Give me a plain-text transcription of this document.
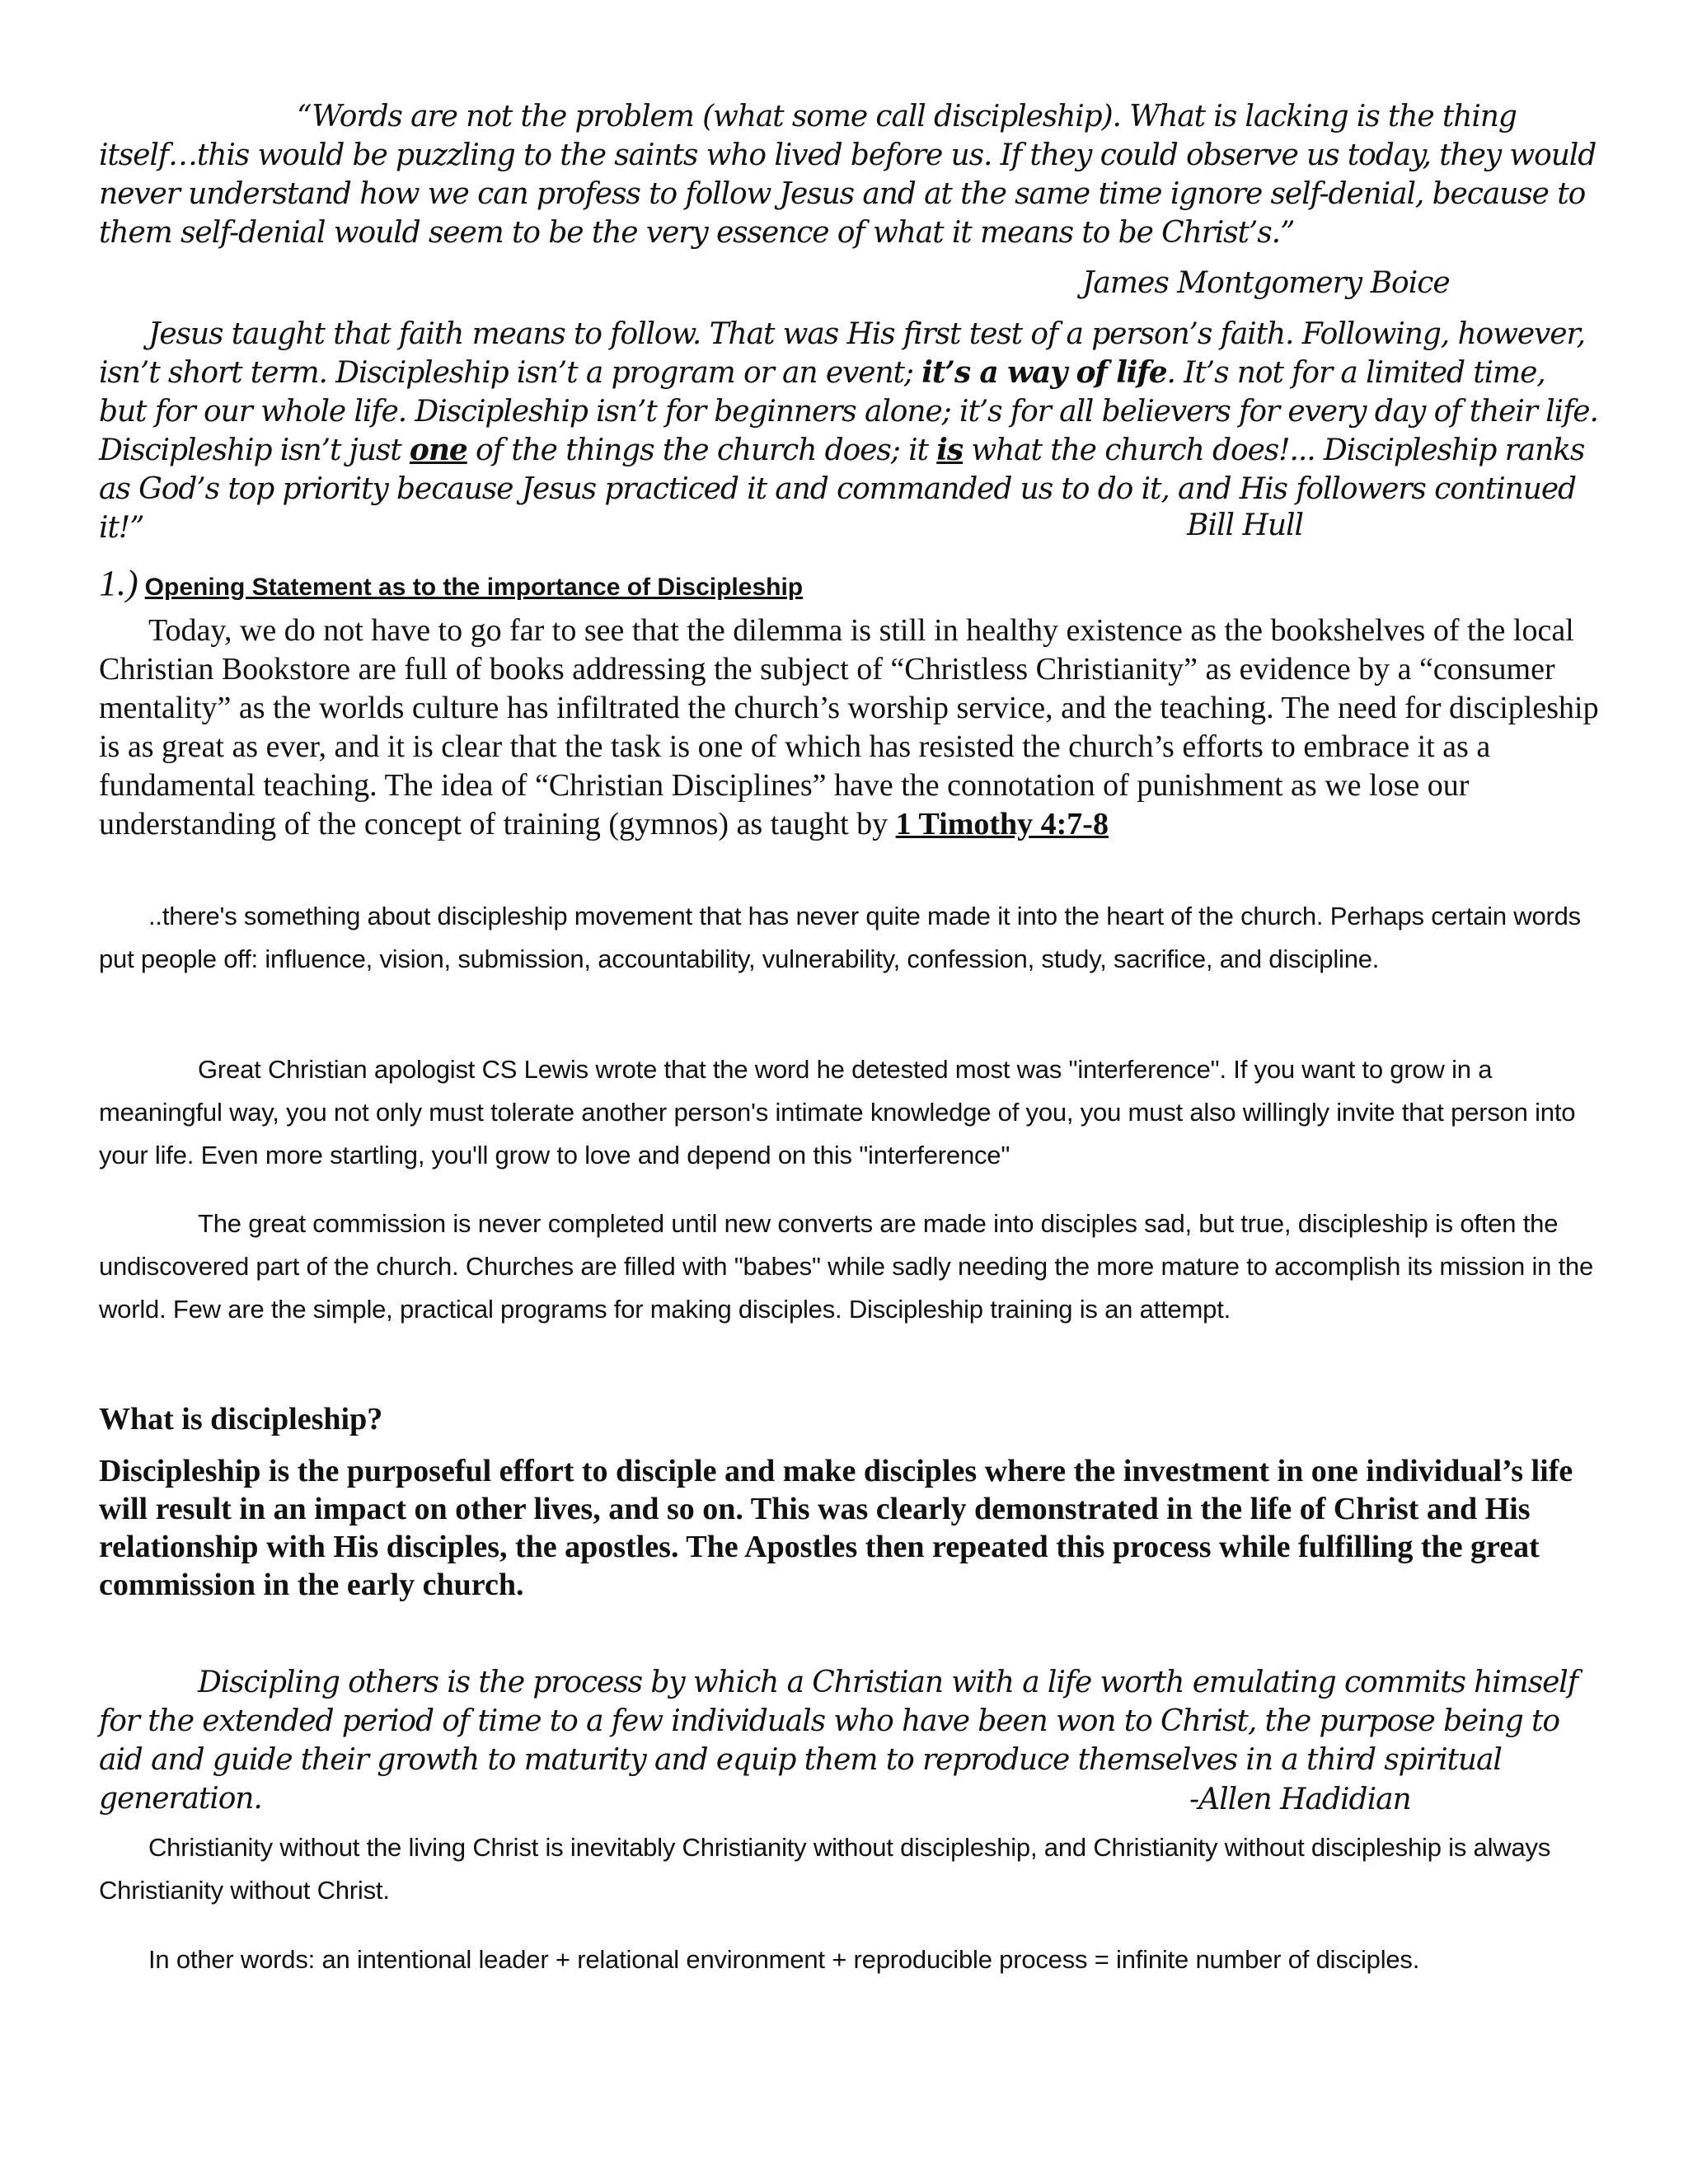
“Words are not the problem (what some call discipleship). What is lacking is the thing itself…this would be puzzling to the saints who lived before us. If they could observe us today, they would never understand how we can profess to follow Jesus and at the same time ignore self-denial, because to them self-denial would seem to be the very essence of what it means to be Christ’s.”

James Montgomery Boice

Jesus taught that faith means to follow. That was His first test of a person’s faith. Following, however, isn’t short term. Discipleship isn’t a program or an event; it’s a way of life. It’s not for a limited time, but for our whole life. Discipleship isn’t for beginners alone; it’s for all believers for every day of their life. Discipleship isn’t just one of the things the church does; it is what the church does!... Discipleship ranks as God’s top priority because Jesus practiced it and commanded us to do it, and His followers continued it!”	Bill Hull

1.) Opening Statement as to the importance of Discipleship

Today, we do not have to go far to see that the dilemma is still in healthy existence as the bookshelves of the local Christian Bookstore are full of books addressing the subject of “Christless Christianity” as evidence by a “consumer mentality” as the worlds culture has infiltrated the church’s worship service, and the teaching. The need for discipleship is as great as ever, and it is clear that the task is one of which has resisted the church’s efforts to embrace it as a fundamental teaching. The idea of “Christian Disciplines” have the connotation of punishment as we lose our understanding of the concept of training (gymnos) as taught by 1 Timothy 4:7-8

..there's something about discipleship movement that has never quite made it into the heart of the church. Perhaps certain words put people off: influence, vision, submission, accountability, vulnerability, confession, study, sacrifice, and discipline.

Great Christian apologist CS Lewis wrote that the word he detested most was "interference". If you want to grow in a meaningful way, you not only must tolerate another person's intimate knowledge of you, you must also willingly invite that person into your life. Even more startling, you'll grow to love and depend on this "interference"

The great commission is never completed until new converts are made into disciples sad, but true, discipleship is often the undiscovered part of the church. Churches are filled with "babes" while sadly needing the more mature to accomplish its mission in the world. Few are the simple, practical programs for making disciples. Discipleship training is an attempt.

What is discipleship?

Discipleship is the purposeful effort to disciple and make disciples where the investment in one individual’s life will result in an impact on other lives, and so on. This was clearly demonstrated in the life of Christ and His relationship with His disciples, the apostles. The Apostles then repeated this process while fulfilling the great commission in the early church.

Discipling others is the process by which a Christian with a life worth emulating commits himself for the extended period of time to a few individuals who have been won to Christ, the purpose being to aid and guide their growth to maturity and equip them to reproduce themselves in a third spiritual generation.	-Allen Hadidian

Christianity without the living Christ is inevitably Christianity without discipleship, and Christianity without discipleship is always Christianity without Christ.

In other words: an intentional leader + relational environment + reproducible process = infinite number of disciples.
